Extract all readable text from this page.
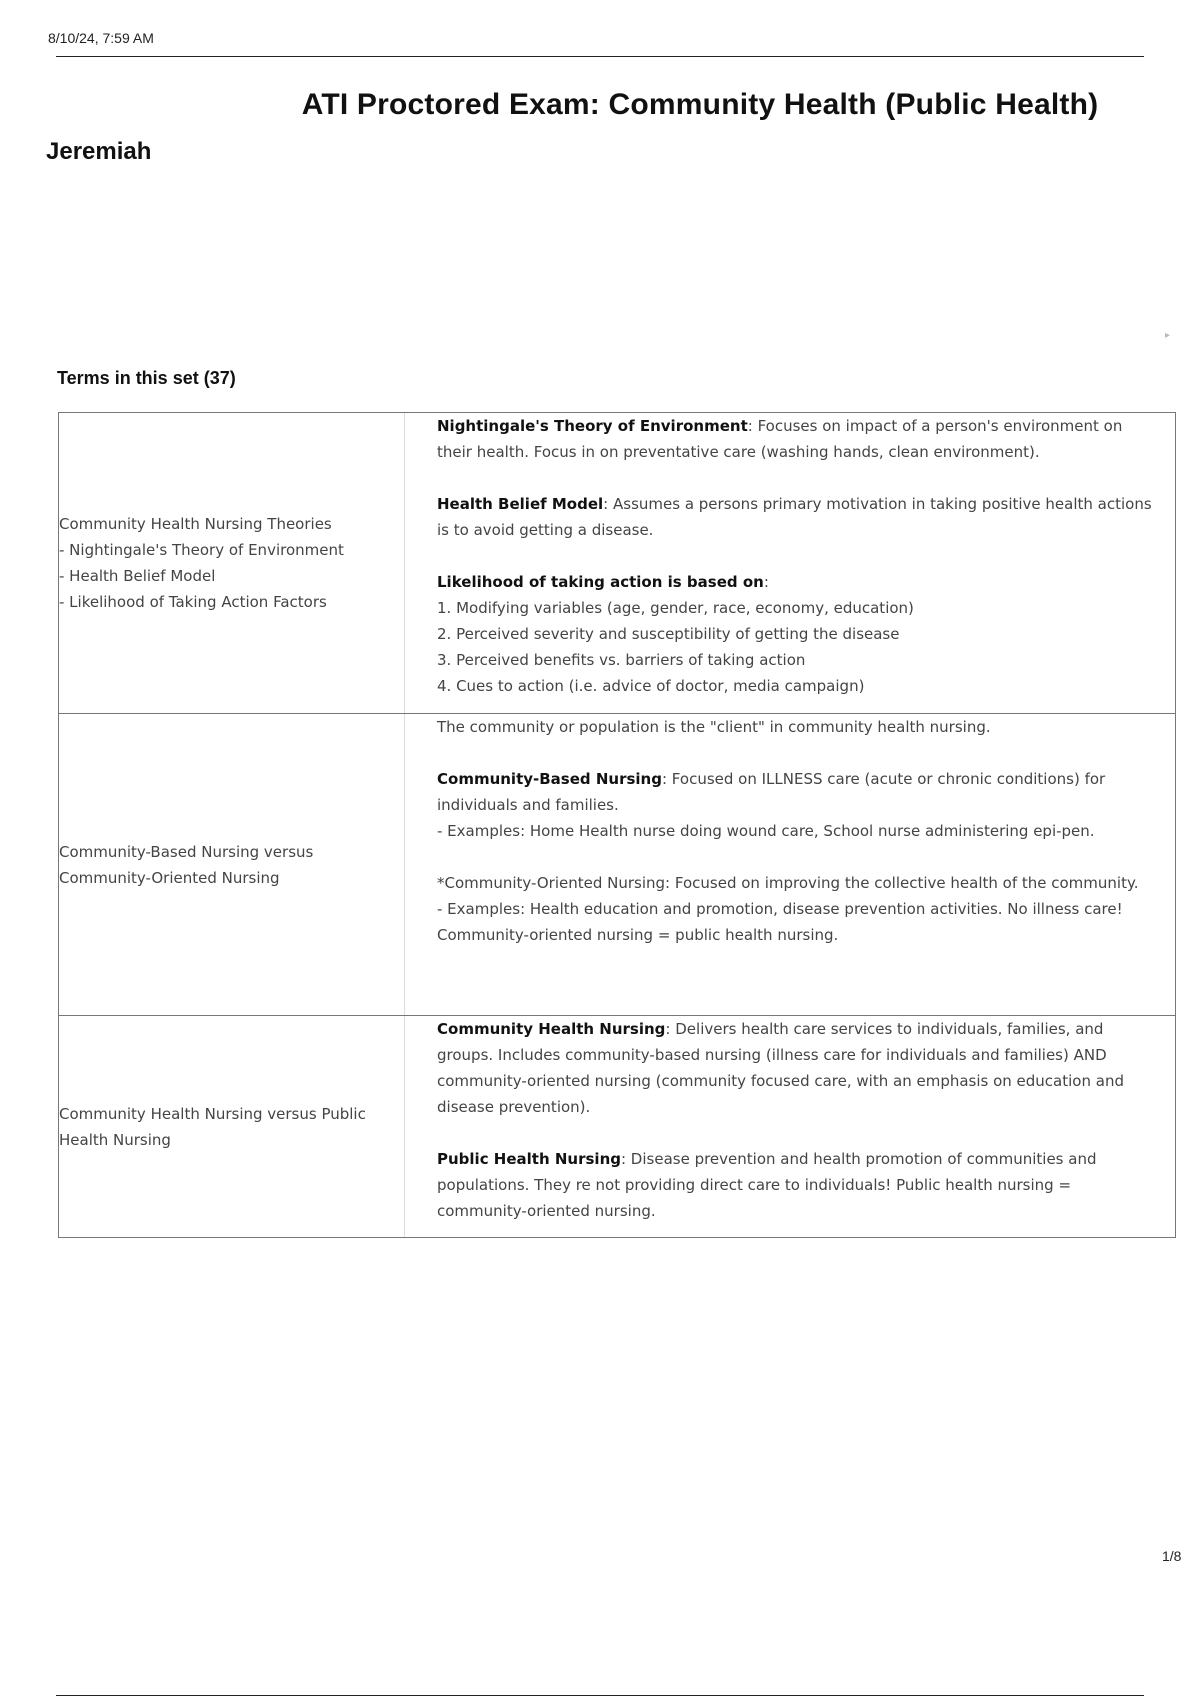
8/10/24, 7:59 AM
ATI Proctored Exam: Community Health (Public Health)
Jeremiah
▸
Terms in this set (37)
Community Health Nursing Theories
- Nightingale's Theory of Environment
- Health Belief Model
- Likelihood of Taking Action Factors
Nightingale's Theory of Environment: Focuses on impact of a person's environment on their health. Focus in on preventative care (washing hands, clean environment).
Health Belief Model: Assumes a persons primary motivation in taking positive health actions is to avoid getting a disease.
Likelihood of taking action is based on:
1. Modifying variables (age, gender, race, economy, education)
2. Perceived severity and susceptibility of getting the disease
3. Perceived benefits vs. barriers of taking action
4. Cues to action (i.e. advice of doctor, media campaign)
Community-Based Nursing versus
Community-Oriented Nursing
The community or population is the "client" in community health nursing.
Community-Based Nursing: Focused on ILLNESS care (acute or chronic conditions) for individuals and families.
- Examples: Home Health nurse doing wound care, School nurse administering epi-pen.
*Community-Oriented Nursing: Focused on improving the collective health of the community.
- Examples: Health education and promotion, disease prevention activities. No illness care! Community-oriented nursing = public health nursing.
Community Health Nursing versus Public
Health Nursing
Community Health Nursing: Delivers health care services to individuals, families, and groups. Includes community-based nursing (illness care for individuals and families) AND community-oriented nursing (community focused care, with an emphasis on education and disease prevention).
Public Health Nursing: Disease prevention and health promotion of communities and populations. They re not providing direct care to individuals! Public health nursing = community-oriented nursing.
1/8
